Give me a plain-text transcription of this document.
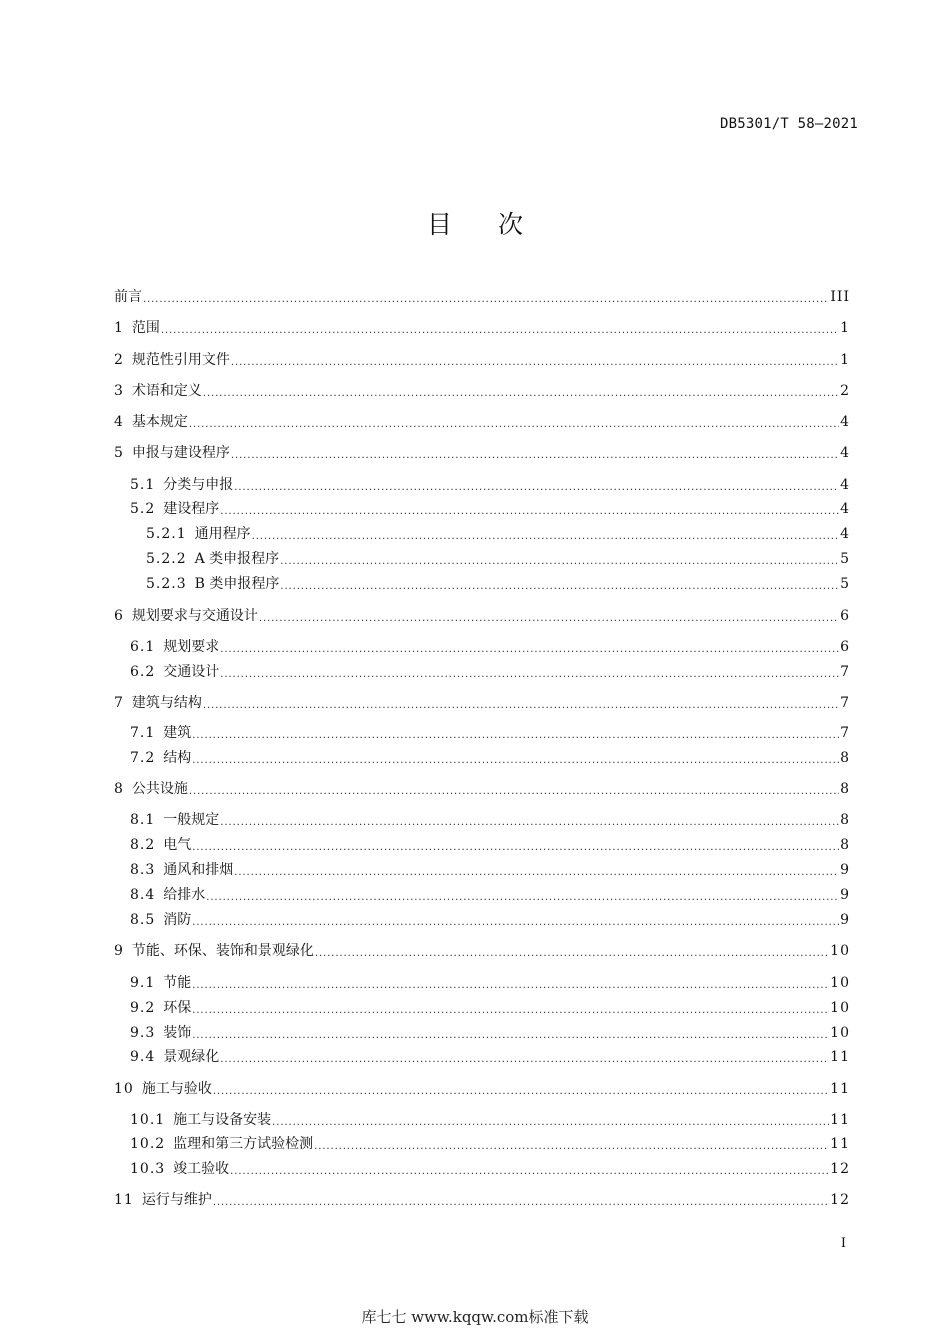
DB5301/T 58—2021
目次
前言 .....	III
1 范围 .....	1
2 规范性引用文件 .....	1
3 术语和定义 .....	2
4 基本规定 .....	4
5 申报与建设程序 .....	4
5.1 分类与申报 .....	4
5.2 建设程序 .....	4
5.2.1 通用程序 .....	4
5.2.2 A 类申报程序 .....	5
5.2.3 B 类申报程序 .....	5
6 规划要求与交通设计 .....	6
6.1 规划要求 .....	6
6.2 交通设计 .....	7
7 建筑与结构 .....	7
7.1 建筑 .....	7
7.2 结构 .....	8
8 公共设施 .....	8
8.1 一般规定 .....	8
8.2 电气 .....	8
8.3 通风和排烟 .....	9
8.4 给排水 .....	9
8.5 消防 .....	9
9 节能、环保、装饰和景观绿化 .....	10
9.1 节能 .....	10
9.2 环保 .....	10
9.3 装饰 .....	10
9.4 景观绿化 .....	11
10 施工与验收 .....	11
10.1 施工与设备安装 .....	11
10.2 监理和第三方试验检测 .....	11
10.3 竣工验收 .....	12
11 运行与维护 .....	12
I
库七七 www.kqqw.com标准下载
